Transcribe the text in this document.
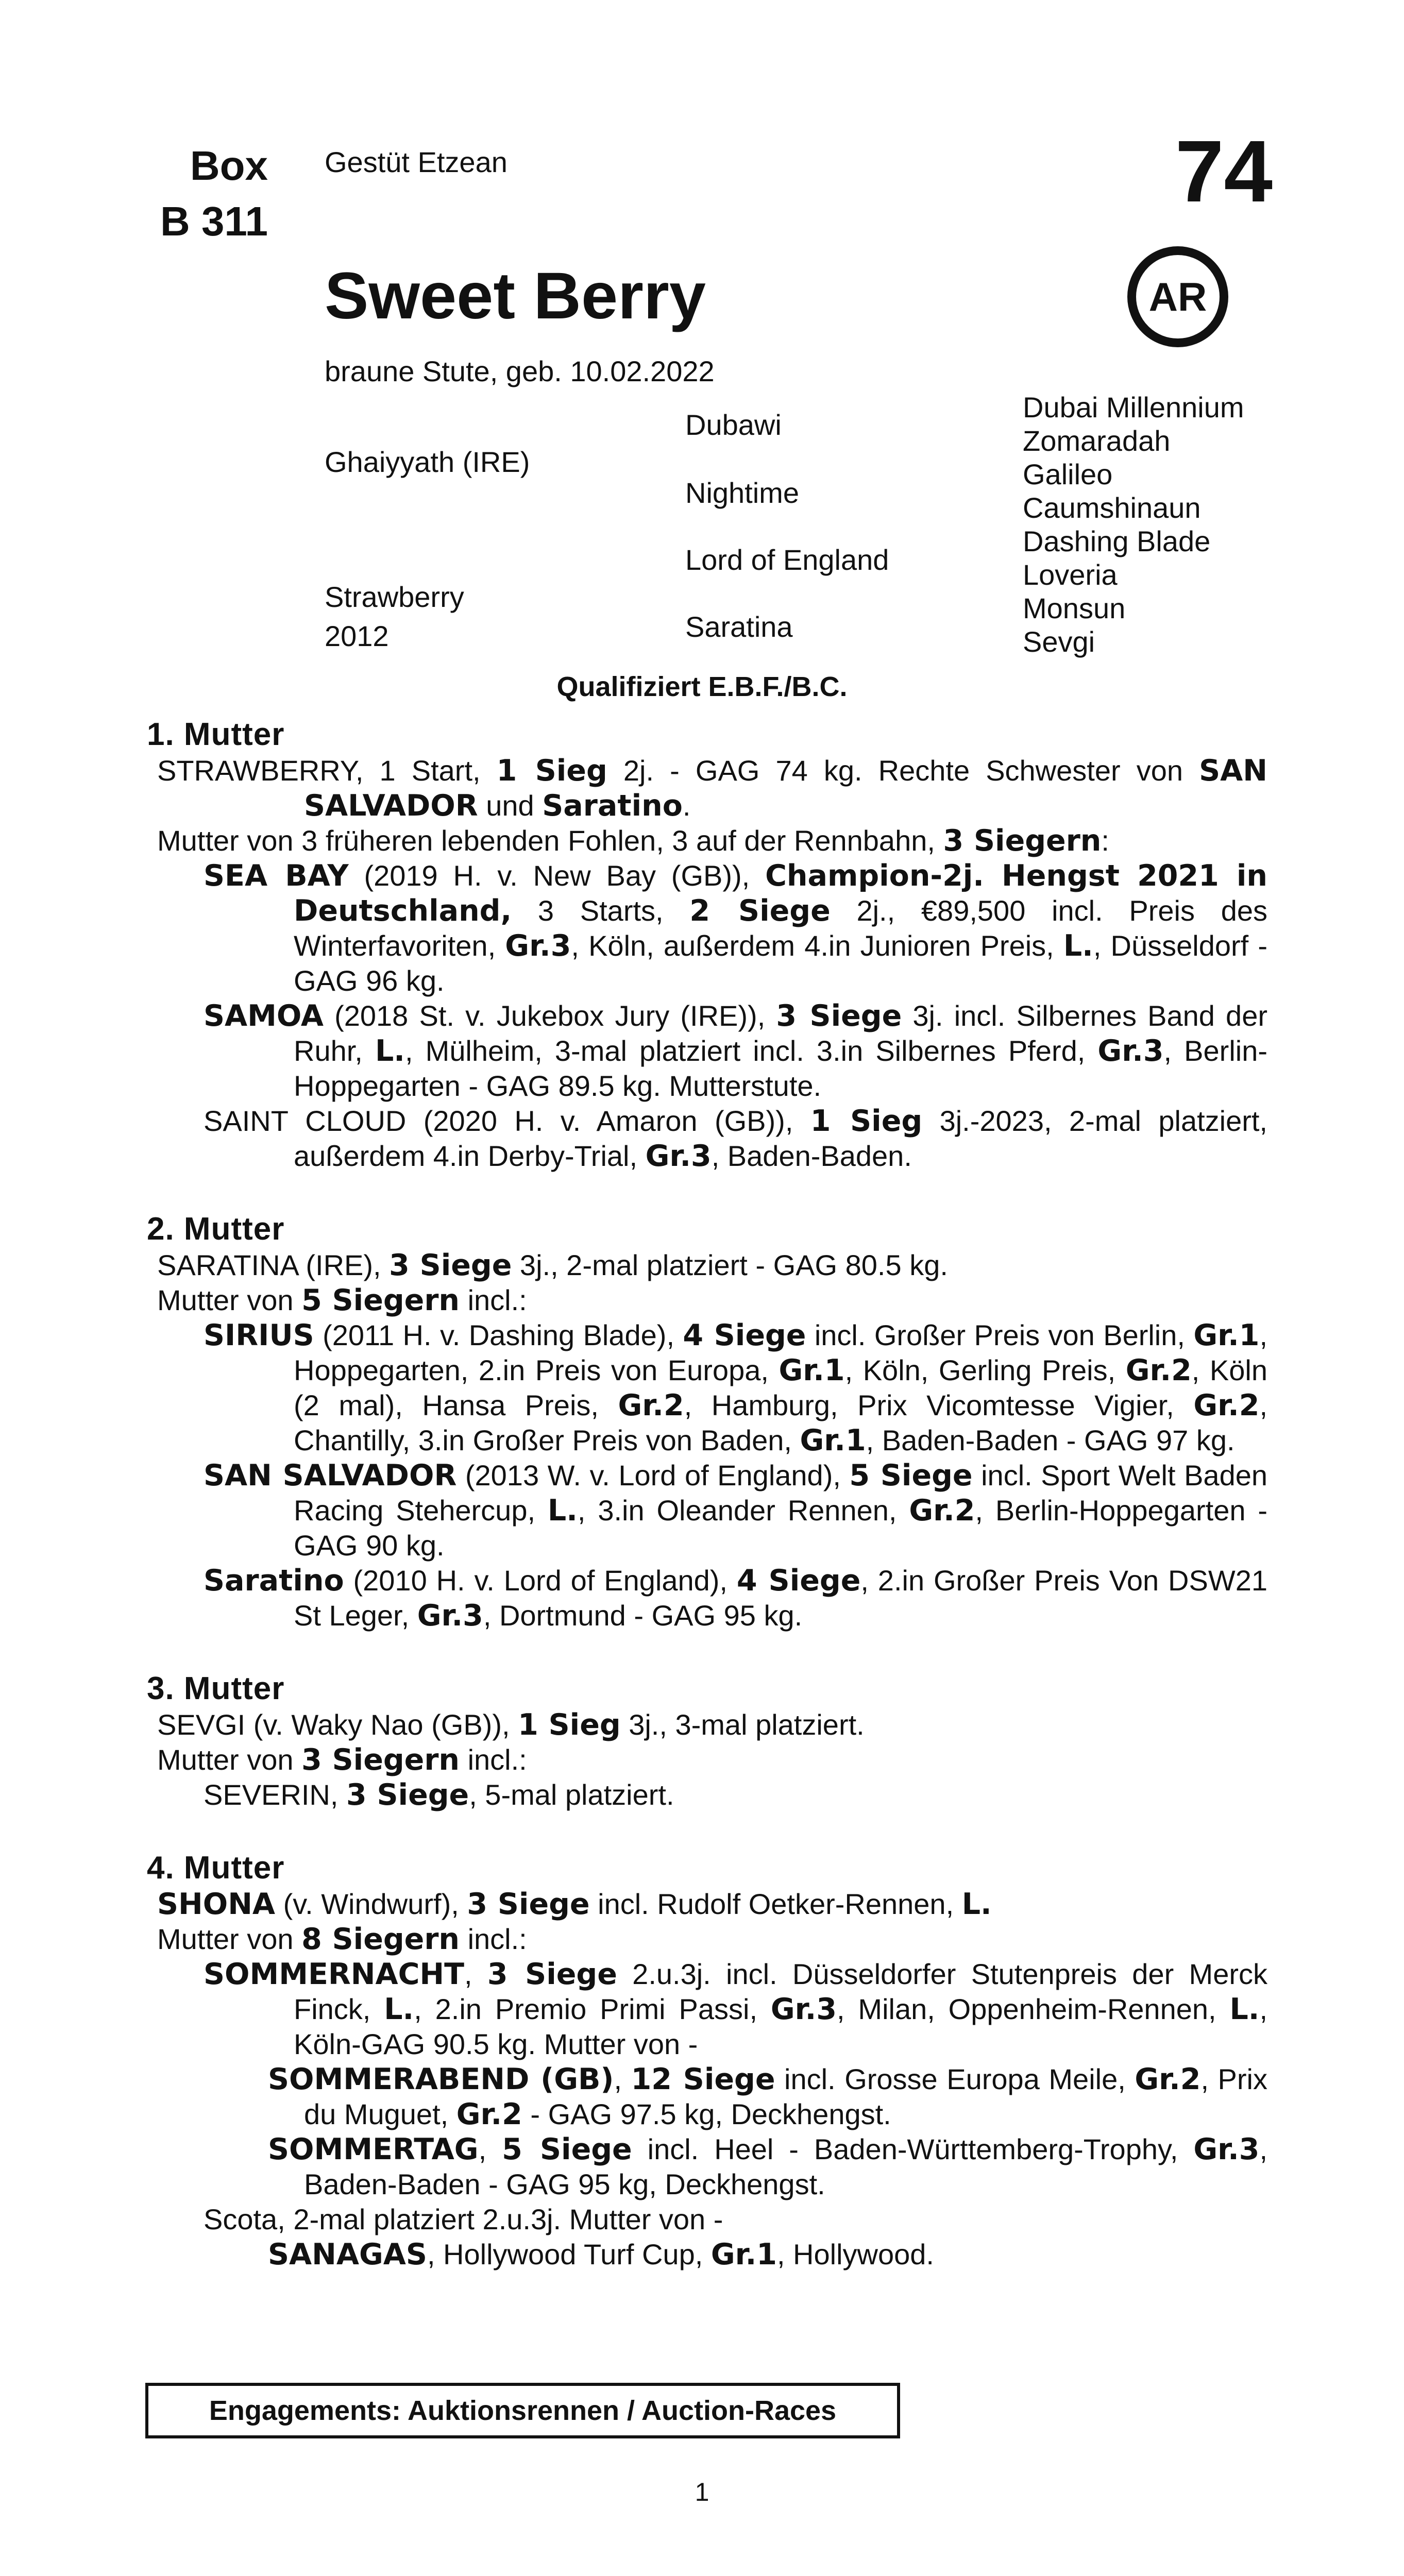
Box
B 311
Gestüt Etzean	74
Sweet Berry	AR
braune Stute, geb. 10.02.2022
Ghaiyyath (IRE)
Strawberry
2012
Dubawi
Nightime
Lord of England
Saratina
Dubai Millennium
Zomaradah
Galileo
Caumshinaun
Dashing Blade
Loveria
Monsun
Sevgi
Qualifiziert E.B.F./B.C.
1. Mutter
STRAWBERRY, 1 Start, 1 Sieg 2j. - GAG 74 kg. Rechte Schwester von SAN SALVADOR und Saratino.
Mutter von 3 früheren lebenden Fohlen, 3 auf der Rennbahn, 3 Siegern:
SEA BAY (2019 H. v. New Bay (GB)), Champion-2j. Hengst 2021 in Deutschland, 3 Starts, 2 Siege 2j., €89,500 incl. Preis des Winterfavoriten, Gr.3, Köln, außerdem 4.in Junioren Preis, L., Düsseldorf - GAG 96 kg.
SAMOA (2018 St. v. Jukebox Jury (IRE)), 3 Siege 3j. incl. Silbernes Band der Ruhr, L., Mülheim, 3-mal platziert incl. 3.in Silbernes Pferd, Gr.3, Berlin-Hoppegarten - GAG 89.5 kg. Mutterstute.
SAINT CLOUD (2020 H. v. Amaron (GB)), 1 Sieg 3j.-2023, 2-mal platziert, außerdem 4.in Derby-Trial, Gr.3, Baden-Baden.
2. Mutter
SARATINA (IRE), 3 Siege 3j., 2-mal platziert - GAG 80.5 kg.
Mutter von 5 Siegern incl.:
SIRIUS (2011 H. v. Dashing Blade), 4 Siege incl. Großer Preis von Berlin, Gr.1, Hoppegarten, 2.in Preis von Europa, Gr.1, Köln, Gerling Preis, Gr.2, Köln (2 mal), Hansa Preis, Gr.2, Hamburg, Prix Vicomtesse Vigier, Gr.2, Chantilly, 3.in Großer Preis von Baden, Gr.1, Baden-Baden - GAG 97 kg.
SAN SALVADOR (2013 W. v. Lord of England), 5 Siege incl. Sport Welt Baden Racing Stehercup, L., 3.in Oleander Rennen, Gr.2, Berlin-Hoppegarten - GAG 90 kg.
Saratino (2010 H. v. Lord of England), 4 Siege, 2.in Großer Preis Von DSW21 St Leger, Gr.3, Dortmund - GAG 95 kg.
3. Mutter
SEVGI (v. Waky Nao (GB)), 1 Sieg 3j., 3-mal platziert.
Mutter von 3 Siegern incl.:
SEVERIN, 3 Siege, 5-mal platziert.
4. Mutter
SHONA (v. Windwurf), 3 Siege incl. Rudolf Oetker-Rennen, L.
Mutter von 8 Siegern incl.:
SOMMERNACHT, 3 Siege 2.u.3j. incl. Düsseldorfer Stutenpreis der Merck Finck, L., 2.in Premio Primi Passi, Gr.3, Milan, Oppenheim-Rennen, L., Köln-GAG 90.5 kg. Mutter von -
SOMMERABEND (GB), 12 Siege incl. Grosse Europa Meile, Gr.2, Prix du Muguet, Gr.2 - GAG 97.5 kg, Deckhengst.
SOMMERTAG, 5 Siege incl. Heel - Baden-Württemberg-Trophy, Gr.3, Baden-Baden - GAG 95 kg, Deckhengst.
Scota, 2-mal platziert 2.u.3j. Mutter von -
SANAGAS, Hollywood Turf Cup, Gr.1, Hollywood.
Engagements: Auktionsrennen / Auction-Races
1
